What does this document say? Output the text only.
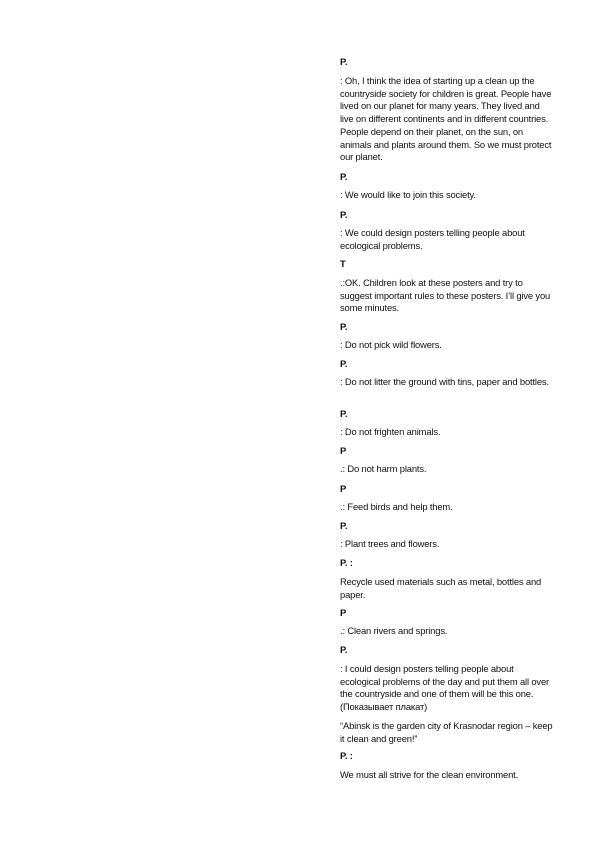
P.

: Oh, I think the idea of starting up a clean up the countryside society for children is great. People have lived on our planet for many years. They lived and live on different continents and in different countries. People depend on their planet, on the sun, on animals and plants around them. So we must protect our planet.

P.

: We would like to join this society.

P.

: We could design posters telling people about ecological problems.

T

.:OK. Children look at these posters and try to suggest important rules to these posters. I’ll give you some minutes.

P.

: Do not pick wild flowers.

P.

: Do not litter the ground with tins, paper and bottles.

P.

: Do not frighten animals.

P

.: Do not harm plants.

P

.: Feed birds and help them.

P.

: Plant trees and flowers.

P. :

Recycle used materials such as metal, bottles and paper.

P

.: Clean rivers and springs.

P.

: I could design posters telling people about ecological problems of the day and put them all over the countryside and one of them will be this one. (Показывает плакат)

“Abinsk is the garden city of Krasnodar region – keep it clean and green!”

P. :

We must all strive for the clean environment.
